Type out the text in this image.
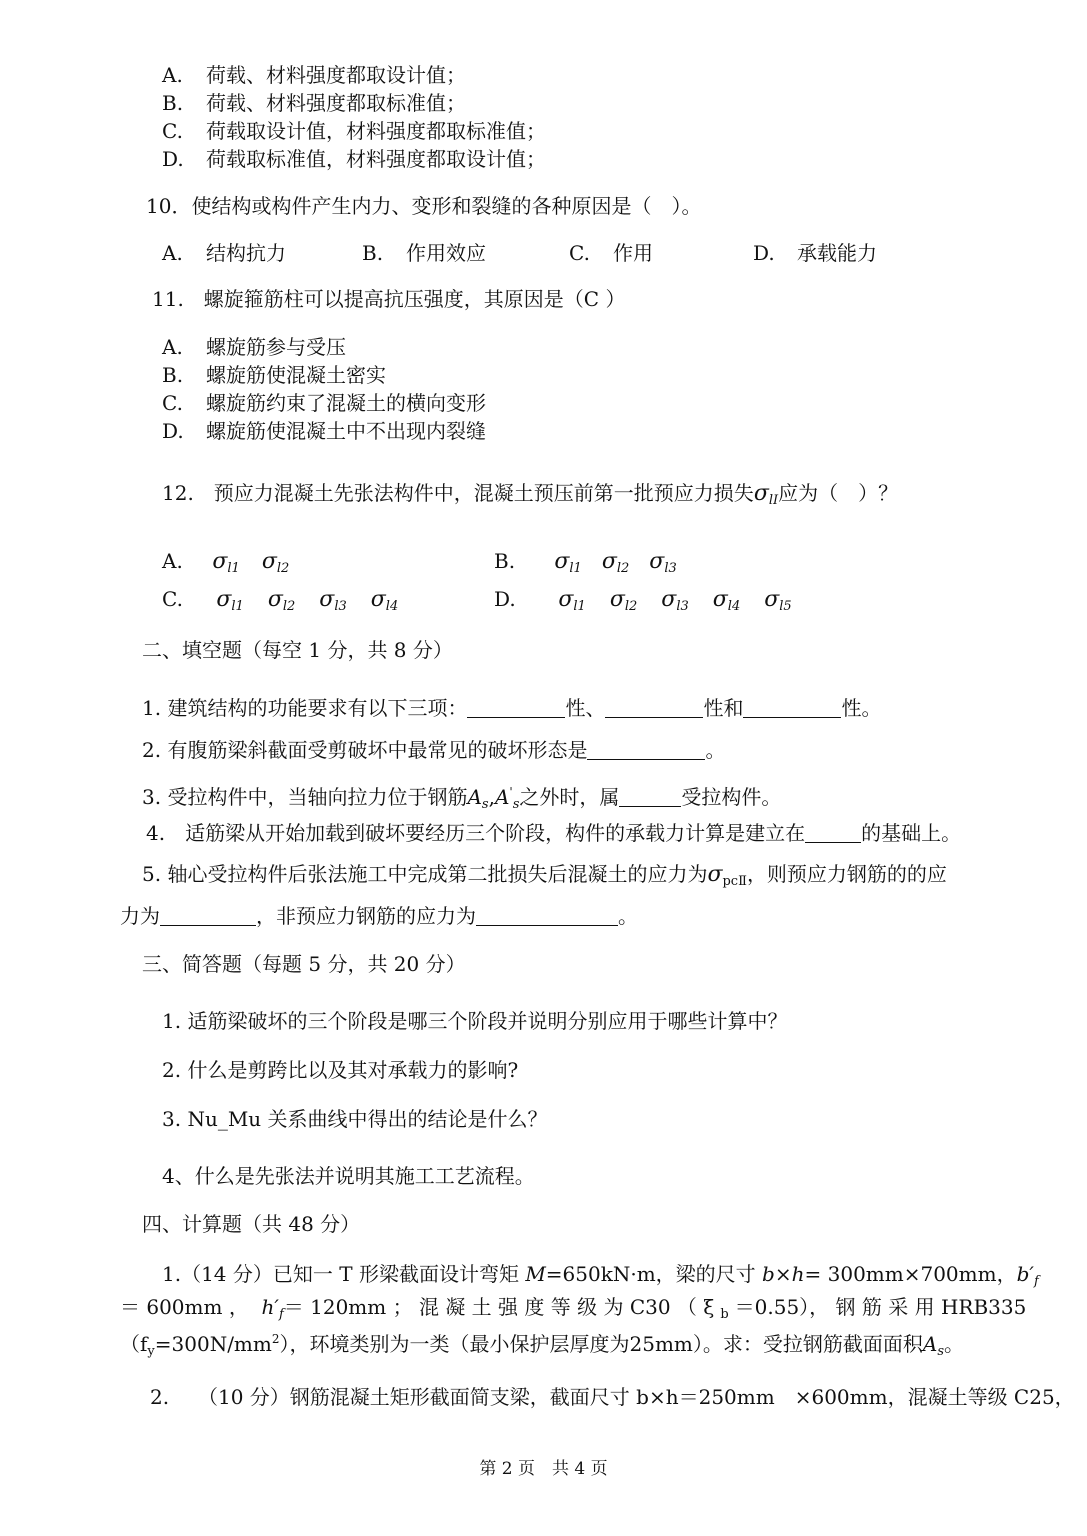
A. 荷载、材料强度都取设计值；
B. 荷载、材料强度都取标准值；
C. 荷载取设计值，材料强度都取标准值；
D. 荷载取标准值，材料强度都取设计值；
10．使结构或构件产生内力、变形和裂缝的各种原因是（　）。
A. 结构抗力	B. 作用效应	C. 作用	D. 承载能力
11.　螺旋箍筋柱可以提高抗压强度，其原因是（C ）
A. 螺旋筋参与受压
B. 螺旋筋使混凝土密实
C. 螺旋筋约束了混凝土的横向变形
D. 螺旋筋使混凝土中不出现内裂缝
12.　预应力混凝土先张法构件中，混凝土预压前第一批预应力损失$\sigma_{lI}$应为（　）？
A. $\sigma_{l1}$ $\sigma_{l2}$	B. $\sigma_{l1}$ $\sigma_{l2}$ $\sigma_{l3}$
C. $\sigma_{l1}$ $\sigma_{l2}$ $\sigma_{l3}$ $\sigma_{l4}$	D. $\sigma_{l1}$ $\sigma_{l2}$ $\sigma_{l3}$ $\sigma_{l4}$ $\sigma_{l5}$
二、填空题（每空 1 分，共 8 分）
1. 建筑结构的功能要求有以下三项：	性、	性和	性。
2. 有腹筋梁斜截面受剪破坏中最常见的破坏形态是	。
3. 受拉构件中，当轴向拉力位于钢筋$A_s,A'_s$之外时，属	受拉构件。
4.　适筋梁从开始加载到破坏要经历三个阶段，构件的承载力计算是建立在	的基础上。
5. 轴心受拉构件后张法施工中完成第二批损失后混凝土的应力为$\sigma_{pcⅡ}$，则预应力钢筋的的应
力为	，非预应力钢筋的应力为	。
三、简答题（每题 5 分，共 20 分）
1. 适筋梁破坏的三个阶段是哪三个阶段并说明分别应用于哪些计算中？
2. 什么是剪跨比以及其对承载力的影响?
3. Nu_Mu 关系曲线中得出的结论是什么？
4、什么是先张法并说明其施工工艺流程。
四、计算题（共 48 分）
1.（14 分）已知一 T 形梁截面设计弯矩 M=650kN·m，梁的尺寸 b×h= 300mm×700mm，$b'_f$
＝ 600mm ， $h'_f= 120mm$ ； 混 凝 土 强 度 等 级 为 C30 （ ξ $_b$ ＝0.55）， 钢 筋 采 用 HRB335
$(f_y=300N/mm^2)$，环境类别为一类（最小保护层厚度为25mm）。求：受拉钢筋截面面积$A_s$。
2. （10 分）钢筋混凝土矩形截面简支梁，截面尺寸 b×h＝250mm　×600mm，混凝土等级 C25，
第 2 页　共 4 页
